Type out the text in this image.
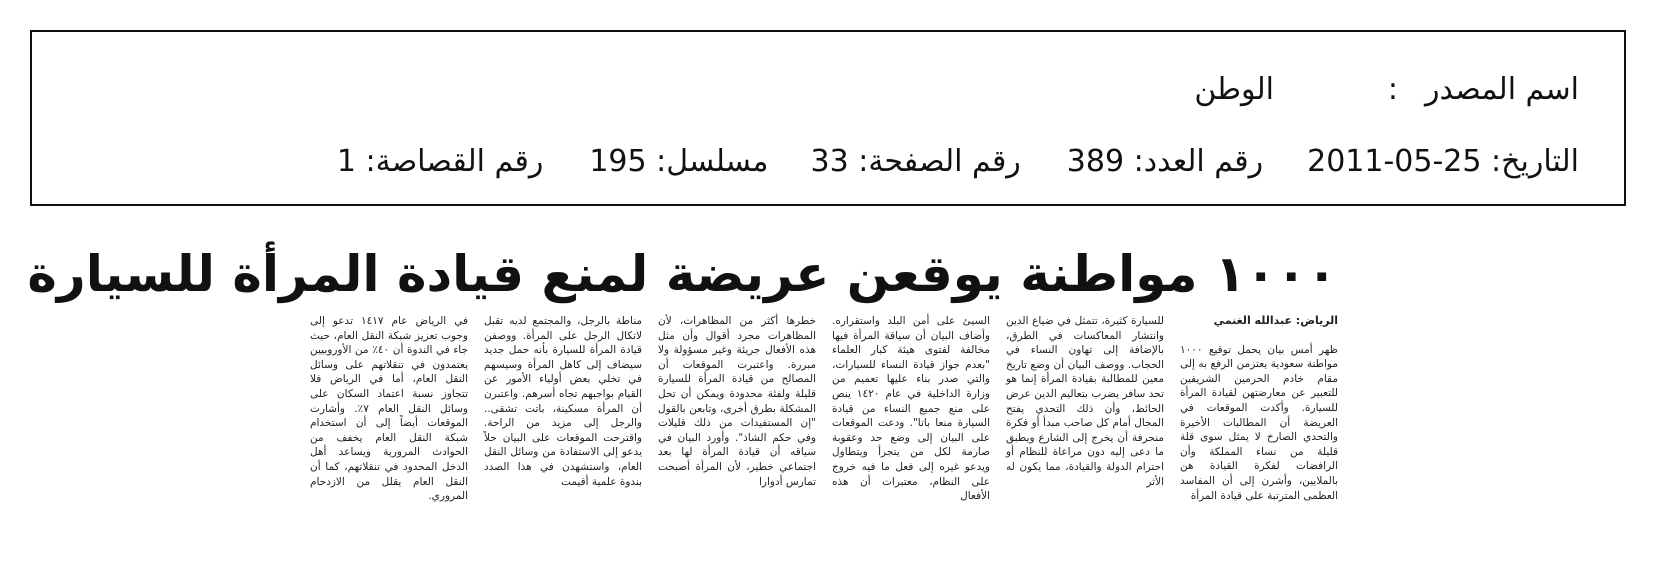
اسم المصدر
:
الوطن
التاريخ: 2011-05-25
رقم العدد: 389
رقم الصفحة: 33
مسلسل: 195
رقم القصاصة: 1
١٠٠٠ مواطنة يوقعن عريضة لمنع قيادة المرأة للسيارة

الرياض: عبدالله الغنمي

ظهر أمس بيان يحمل توقيع ١٠٠٠ مواطنة سعودية يعتزمن الرفع به إلى مقام خادم الحرمين الشريفين للتعبير عن معارضتهن لقيادة المرأة للسيارة. وأكدت الموقعات في العريضة أن المطالبات الأخيرة والتحدي الصارخ لا يمثل سوى قلة قليلة من نساء المملكة وأن الرافضات لفكرة القيادة هن بالملايين، وأشرن إلى أن المفاسد العظمى المترتبة على قيادة المرأة

للسيارة كثيرة، تتمثل في ضياع الدين وانتشار المعاكسات في الطرق، بالإضافة إلى تهاون النساء في الحجاب. ووصف البيان أن وضع تاريخ معين للمطالبة بقيادة المرأة إنما هو تحد سافر يضرب بتعاليم الدين عرض الحائط، وأن ذلك التحدي يفتح المجال أمام كل صاحب مبدأ أو فكرة منحرفة أن يخرج إلى الشارع ويطبق ما دعى إليه دون مراعاة للنظام أو احترام الدولة والقيادة، مما يكون له الأثر

السيئ على أمن البلد واستقراره. وأضاف البيان أن سياقة المرأة فيها مخالفة لفتوى هيئة كبار العلماء "بعدم جواز قيادة النساء للسيارات، والتي صدر بناء عليها تعميم من وزارة الداخلية في عام ١٤٢٠ ينص على منع جميع النساء من قيادة السيارة منعا باتا". ودعت الموقعات على البيان إلى وضع حد وعقوبة صارمة لكل من يتجرأ ويتطاول ويدعو غيره إلى فعل ما فيه خروج على النظام، معتبرات أن هذه الأفعال

خطرها أكثر من المظاهرات، لأن المظاهرات مجرد أقوال وأن مثل هذه الأفعال جريئة وغير مسؤولة ولا مبررة. واعتبرت الموقعات أن المصالح من قيادة المرأة للسيارة قليلة ولفئة محدودة ويمكن أن تحل المشكلة بطرق أخرى، وتابعن بالقول "إن المستفيدات من ذلك قليلات وفي حكم الشاذ". وأورد البيان في سياقه أن قيادة المرأة لها بعد اجتماعي خطير، لأن المرأة أصبحت تمارس أدوارا

مناطة بالرجل، والمجتمع لديه تقبل لاتكال الرجل على المرأة. ووصفن قيادة المرأة للسيارة بأنه حمل جديد سيضاف إلى كاهل المرأة وسيسهم في تخلي بعض أولياء الأمور عن القيام بواجبهم تجاه أسرهم. واعتبرن أن المرأة مسكينة، باتت تشقى.. والرجل إلى مزيد من الراحة. واقترحت الموقعات على البيان حلاً يدعو إلى الاستفادة من وسائل النقل العام، واستشهدن في هذا الصدد بندوة علمية أقيمت

في الرياض عام ١٤١٧ تدعو إلى وجوب تعزيز شبكة النقل العام، حيث جاء في الندوة أن ٤٠٪ من الأوروبيين يعتمدون في تنقلاتهم على وسائل النقل العام، أما في الرياض فلا تتجاوز نسبة اعتماد السكان على وسائل النقل العام ٧٪. وأشارت الموقعات أيضاً إلى أن استخدام شبكة النقل العام يخفف من الحوادث المرورية ويساعد أهل الدخل المحدود في تنقلاتهم، كما أن النقل العام يقلل من الازدحام المروري.
